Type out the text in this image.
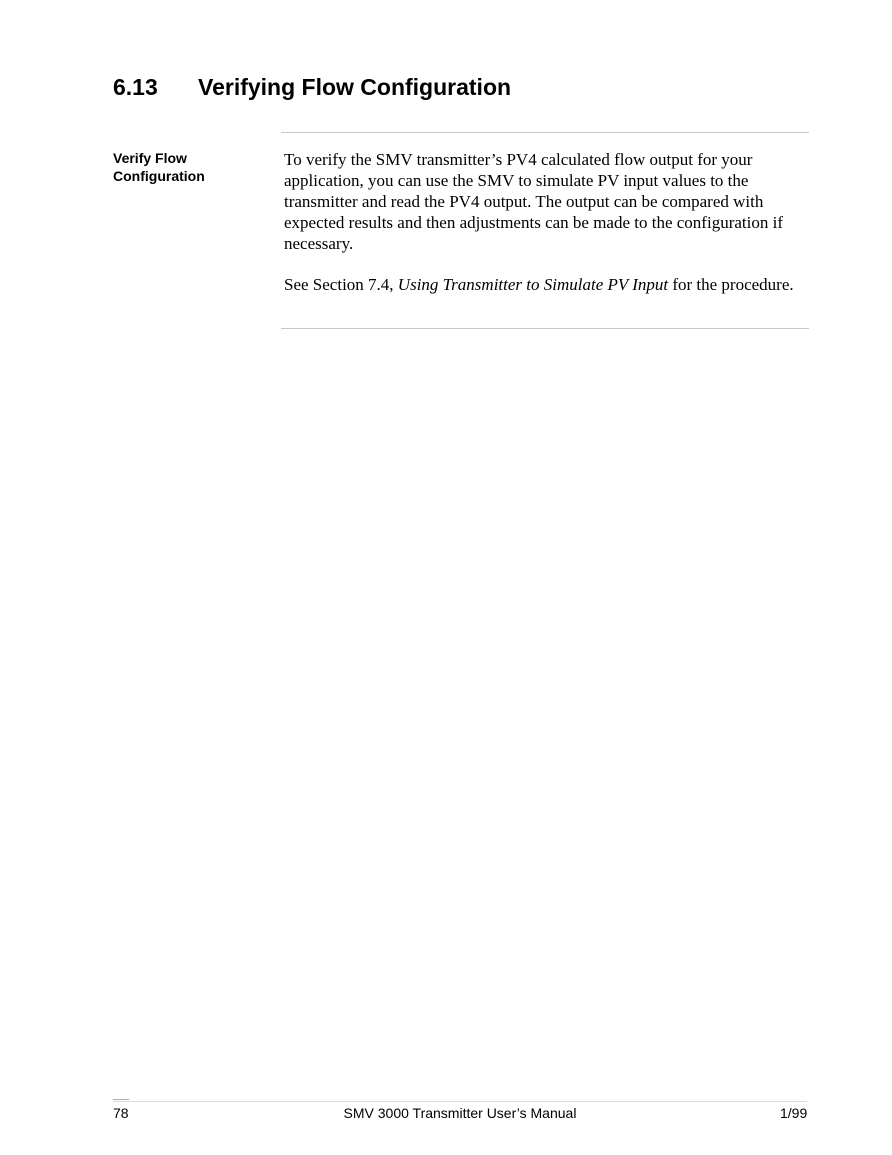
6.13 Verifying Flow Configuration
Verify Flow
Configuration

To verify the SMV transmitter’s PV4 calculated flow output for your application, you can use the SMV to simulate PV input values to the transmitter and read the PV4 output. The output can be compared with expected results and then adjustments can be made to the configuration if necessary.

See Section 7.4, Using Transmitter to Simulate PV Input for the procedure.

78	SMV 3000 Transmitter User’s Manual	1/99
